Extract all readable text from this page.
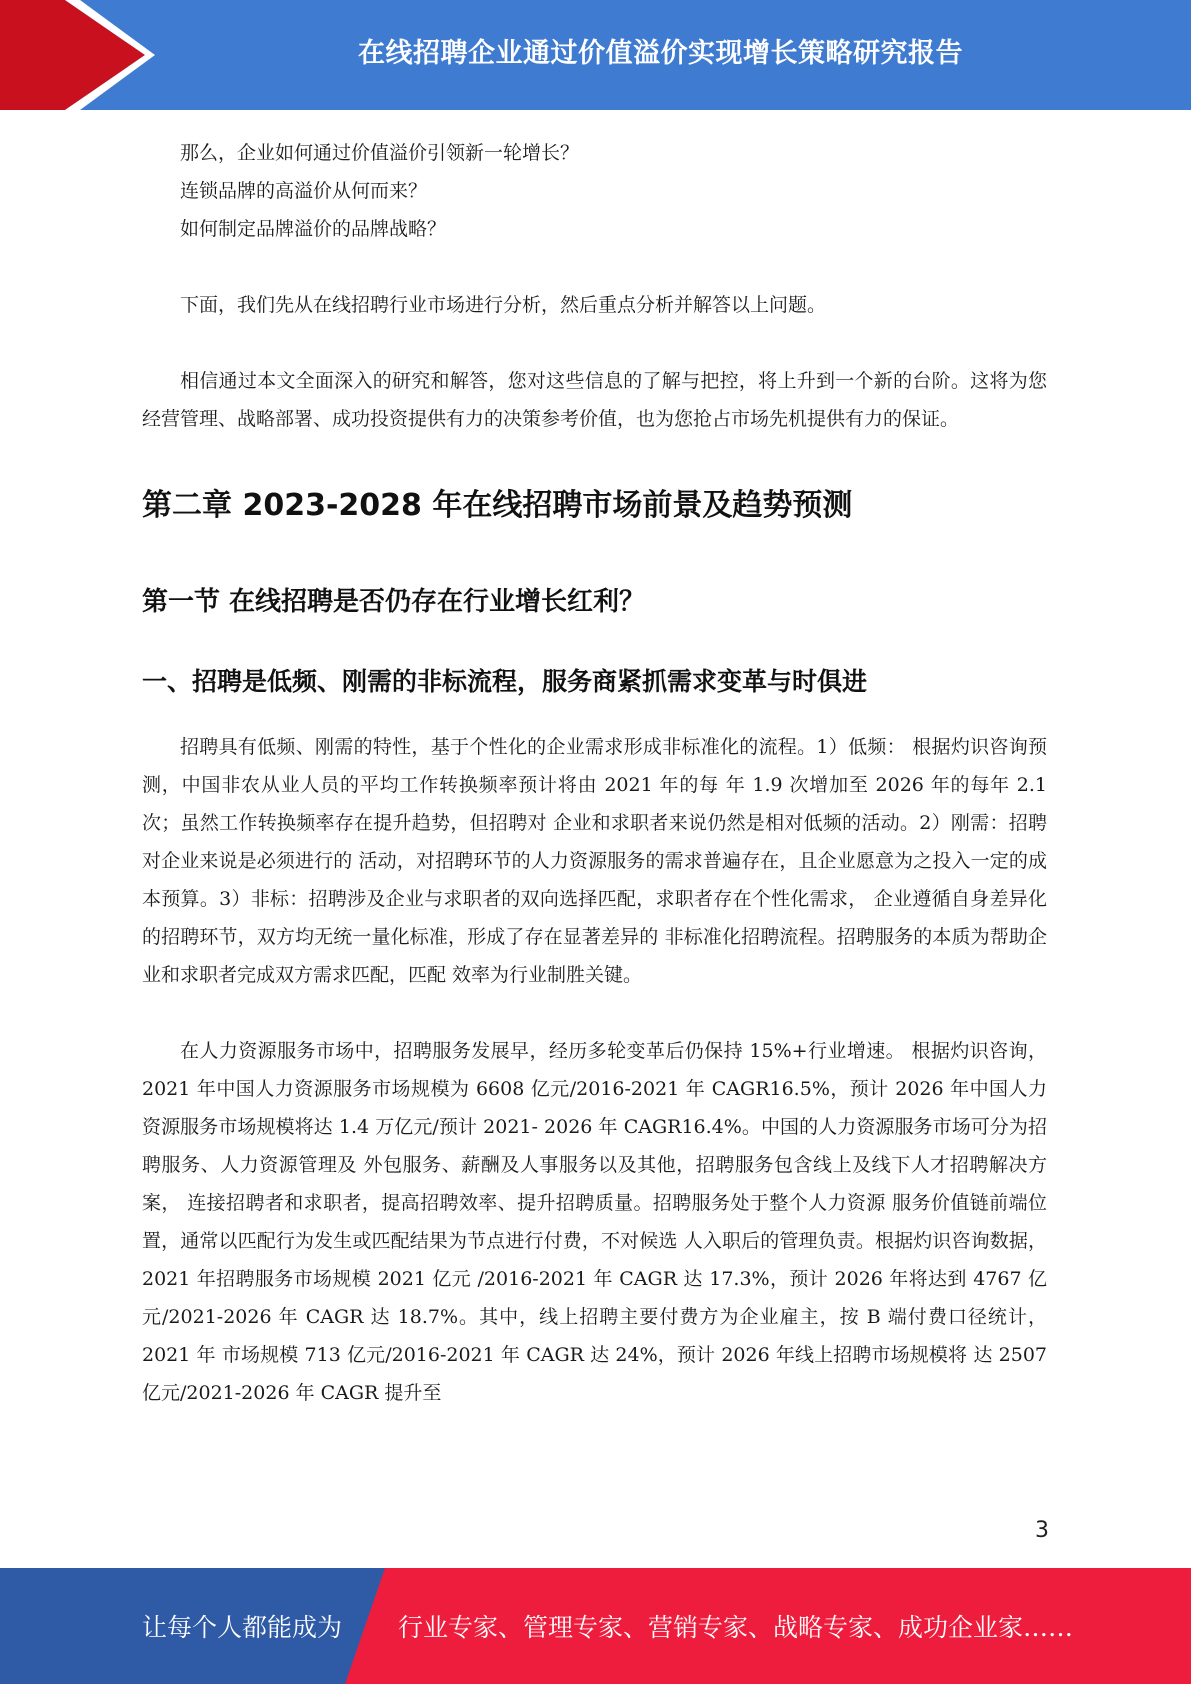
在线招聘企业通过价值溢价实现增长策略研究报告

那么，企业如何通过价值溢价引领新一轮增长？

连锁品牌的高溢价从何而来？

如何制定品牌溢价的品牌战略？

下面，我们先从在线招聘行业市场进行分析，然后重点分析并解答以上问题。

相信通过本文全面深入的研究和解答，您对这些信息的了解与把控，将上升到一个新的台阶。这将为您经营管理、战略部署、成功投资提供有力的决策参考价值，也为您抢占市场先机提供有力的保证。

第二章 2023-2028 年在线招聘市场前景及趋势预测
第一节 在线招聘是否仍存在行业增长红利？
一、招聘是低频、刚需的非标流程，服务商紧抓需求变革与时俱进

招聘具有低频、刚需的特性，基于个性化的企业需求形成非标准化的流程。1）低频： 根据灼识咨询预测，中国非农从业人员的平均工作转换频率预计将由 2021 年的每 年 1.9 次增加至 2026 年的每年 2.1 次；虽然工作转换频率存在提升趋势，但招聘对 企业和求职者来说仍然是相对低频的活动。2）刚需：招聘对企业来说是必须进行的 活动，对招聘环节的人力资源服务的需求普遍存在，且企业愿意为之投入一定的成 本预算。3）非标：招聘涉及企业与求职者的双向选择匹配，求职者存在个性化需求， 企业遵循自身差异化的招聘环节，双方均无统一量化标准，形成了存在显著差异的 非标准化招聘流程。招聘服务的本质为帮助企业和求职者完成双方需求匹配，匹配 效率为行业制胜关键。

在人力资源服务市场中，招聘服务发展早，经历多轮变革后仍保持 15%+行业增速。 根据灼识咨询，2021 年中国人力资源服务市场规模为 6608 亿元/2016-2021 年 CAGR16.5%，预计 2026 年中国人力资源服务市场规模将达 1.4 万亿元/预计 2021- 2026 年 CAGR16.4%。中国的人力资源服务市场可分为招聘服务、人力资源管理及 外包服务、薪酬及人事服务以及其他，招聘服务包含线上及线下人才招聘解决方案， 连接招聘者和求职者，提高招聘效率、提升招聘质量。招聘服务处于整个人力资源 服务价值链前端位置，通常以匹配行为发生或匹配结果为节点进行付费，不对候选 人入职后的管理负责。根据灼识咨询数据，2021 年招聘服务市场规模 2021 亿元 /2016-2021 年 CAGR 达 17.3%，预计 2026 年将达到 4767 亿元/2021-2026 年 CAGR 达 18.7%。其中，线上招聘主要付费方为企业雇主，按 B 端付费口径统计，2021 年 市场规模 713 亿元/2016-2021 年 CAGR 达 24%，预计 2026 年线上招聘市场规模将 达 2507 亿元/2021-2026 年 CAGR 提升至

3
让每个人都能成为 行业专家、管理专家、营销专家、战略专家、成功企业家……
